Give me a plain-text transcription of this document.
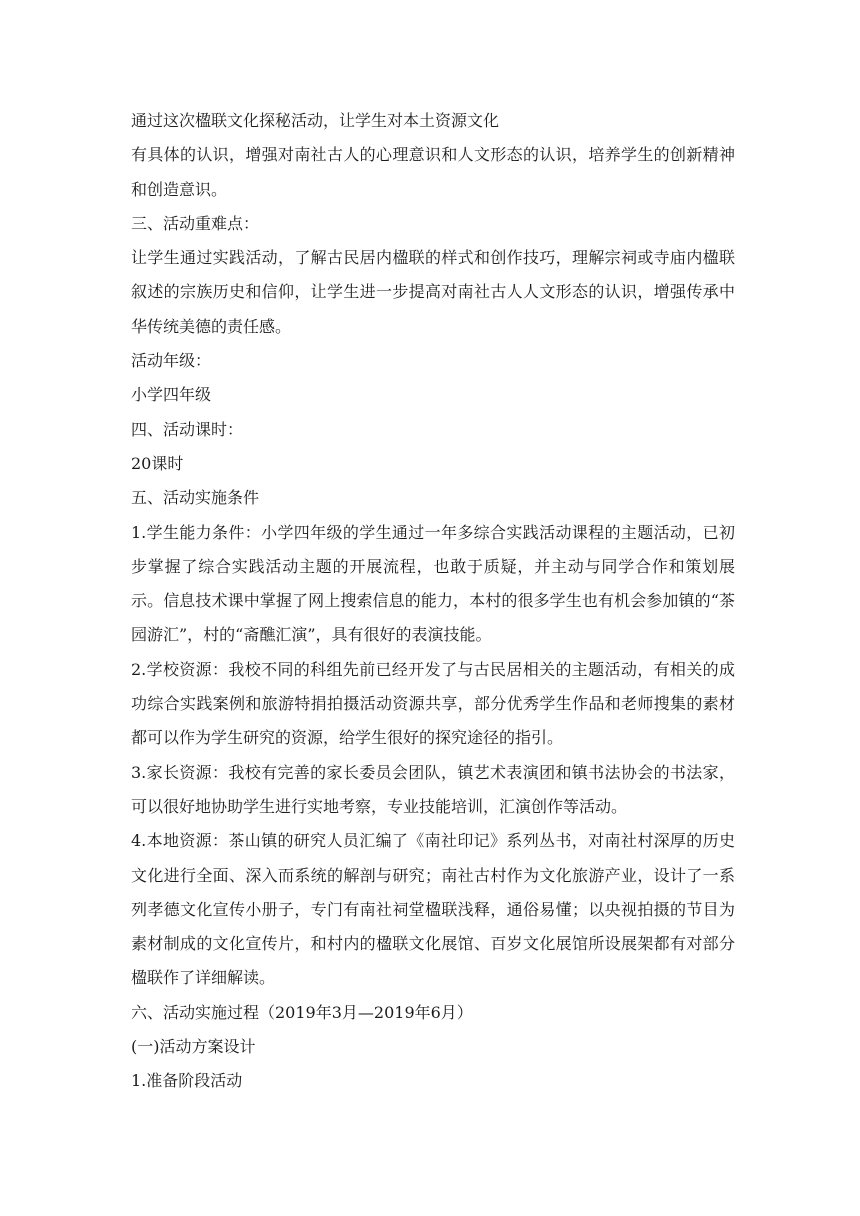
通过这次楹联文化探秘活动，让学生对本土资源文化

有具体的认识，增强对南社古人的心理意识和人文形态的认识，培养学生的创新精神和创造意识。

三、活动重难点：

让学生通过实践活动，了解古民居内楹联的样式和创作技巧，理解宗祠或寺庙内楹联叙述的宗族历史和信仰，让学生进一步提高对南社古人人文形态的认识，增强传承中华传统美德的责任感。

活动年级：

小学四年级

四、活动课时：

20课时

五、活动实施条件

1.学生能力条件：小学四年级的学生通过一年多综合实践活动课程的主题活动，已初步掌握了综合实践活动主题的开展流程，也敢于质疑，并主动与同学合作和策划展示。信息技术课中掌握了网上搜索信息的能力，本村的很多学生也有机会参加镇的“茶园游汇”，村的“斋醮汇演”，具有很好的表演技能。

2.学校资源：我校不同的科组先前已经开发了与古民居相关的主题活动，有相关的成功综合实践案例和旅游特捐拍摄活动资源共享，部分优秀学生作品和老师搜集的素材都可以作为学生研究的资源，给学生很好的探究途径的指引。

3.家长资源：我校有完善的家长委员会团队，镇艺术表演团和镇书法协会的书法家，可以很好地协助学生进行实地考察，专业技能培训，汇演创作等活动。

4.本地资源：茶山镇的研究人员汇编了《南社印记》系列丛书，对南社村深厚的历史文化进行全面、深入而系统的解剖与研究；南社古村作为文化旅游产业，设计了一系列孝德文化宣传小册子，专门有南社祠堂楹联浅释，通俗易懂；以央视拍摄的节目为素材制成的文化宣传片，和村内的楹联文化展馆、百岁文化展馆所设展架都有对部分楹联作了详细解读。

六、活动实施过程（2019年3月—2019年6月）

(一)活动方案设计

1.准备阶段活动
